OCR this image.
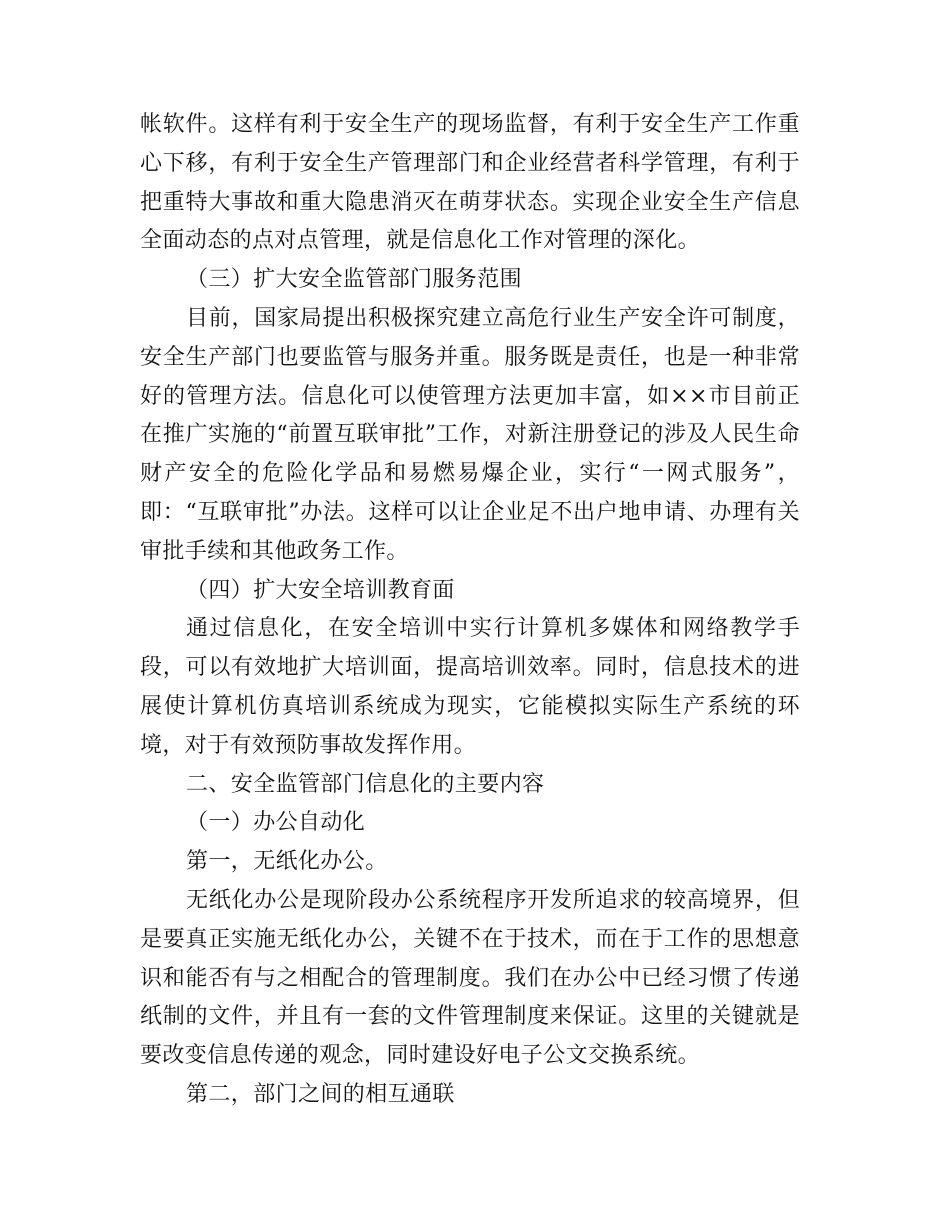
帐软件。这样有利于安全生产的现场监督，有利于安全生产工作重心下移，有利于安全生产管理部门和企业经营者科学管理，有利于把重特大事故和重大隐患消灭在萌芽状态。实现企业安全生产信息全面动态的点对点管理，就是信息化工作对管理的深化。

（三）扩大安全监管部门服务范围

目前，国家局提出积极探究建立高危行业生产安全许可制度，安全生产部门也要监管与服务并重。服务既是责任，也是一种非常好的管理方法。信息化可以使管理方法更加丰富，如××市目前正在推广实施的“前置互联审批”工作，对新注册登记的涉及人民生命财产安全的危险化学品和易燃易爆企业，实行“一网式服务”，即：“互联审批”办法。这样可以让企业足不出户地申请、办理有关审批手续和其他政务工作。

（四）扩大安全培训教育面

通过信息化，在安全培训中实行计算机多媒体和网络教学手段，可以有效地扩大培训面，提高培训效率。同时，信息技术的进展使计算机仿真培训系统成为现实，它能模拟实际生产系统的环境，对于有效预防事故发挥作用。

二、安全监管部门信息化的主要内容

（一）办公自动化

第一，无纸化办公。

无纸化办公是现阶段办公系统程序开发所追求的较高境界，但是要真正实施无纸化办公，关键不在于技术，而在于工作的思想意识和能否有与之相配合的管理制度。我们在办公中已经习惯了传递纸制的文件，并且有一套的文件管理制度来保证。这里的关键就是要改变信息传递的观念，同时建设好电子公文交换系统。

第二，部门之间的相互通联
